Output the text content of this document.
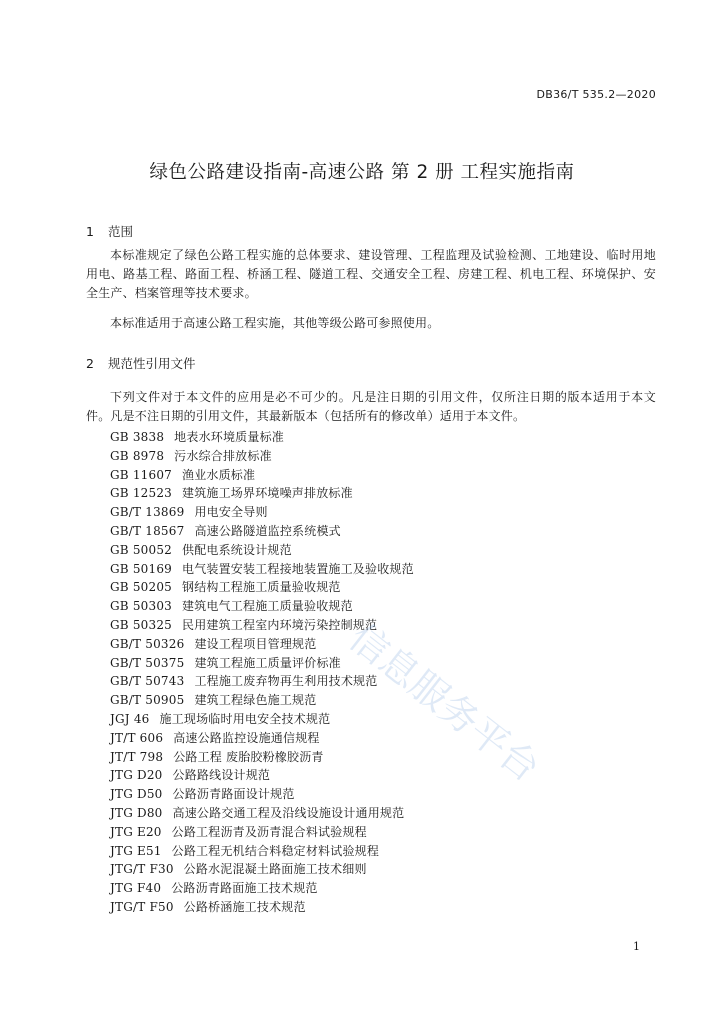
DB36/T 535.2—2020
绿色公路建设指南-高速公路 第 2 册 工程实施指南
1 范围

本标准规定了绿色公路工程实施的总体要求、建设管理、工程监理及试验检测、工地建设、临时用地用电、路基工程、路面工程、桥涵工程、隧道工程、交通安全工程、房建工程、机电工程、环境保护、安全生产、档案管理等技术要求。

本标准适用于高速公路工程实施，其他等级公路可参照使用。

2 规范性引用文件

下列文件对于本文件的应用是必不可少的。凡是注日期的引用文件，仅所注日期的版本适用于本文件。凡是不注日期的引用文件，其最新版本（包括所有的修改单）适用于本文件。

GB 3838 地表水环境质量标准
GB 8978 污水综合排放标准
GB 11607 渔业水质标准
GB 12523 建筑施工场界环境噪声排放标准
GB/T 13869 用电安全导则
GB/T 18567 高速公路隧道监控系统模式
GB 50052 供配电系统设计规范
GB 50169 电气装置安装工程接地装置施工及验收规范
GB 50205 钢结构工程施工质量验收规范
GB 50303 建筑电气工程施工质量验收规范
GB 50325 民用建筑工程室内环境污染控制规范
GB/T 50326 建设工程项目管理规范
GB/T 50375 建筑工程施工质量评价标准
GB/T 50743 工程施工废弃物再生利用技术规范
GB/T 50905 建筑工程绿色施工规范
JGJ 46 施工现场临时用电安全技术规范
JT/T 606 高速公路监控设施通信规程
JT/T 798 公路工程 废胎胶粉橡胶沥青
JTG D20 公路路线设计规范
JTG D50 公路沥青路面设计规范
JTG D80 高速公路交通工程及沿线设施设计通用规范
JTG E20 公路工程沥青及沥青混合料试验规程
JTG E51 公路工程无机结合料稳定材料试验规程
JTG/T F30 公路水泥混凝土路面施工技术细则
JTG F40 公路沥青路面施工技术规范
JTG/T F50 公路桥涵施工技术规范
信息服务平台
1
